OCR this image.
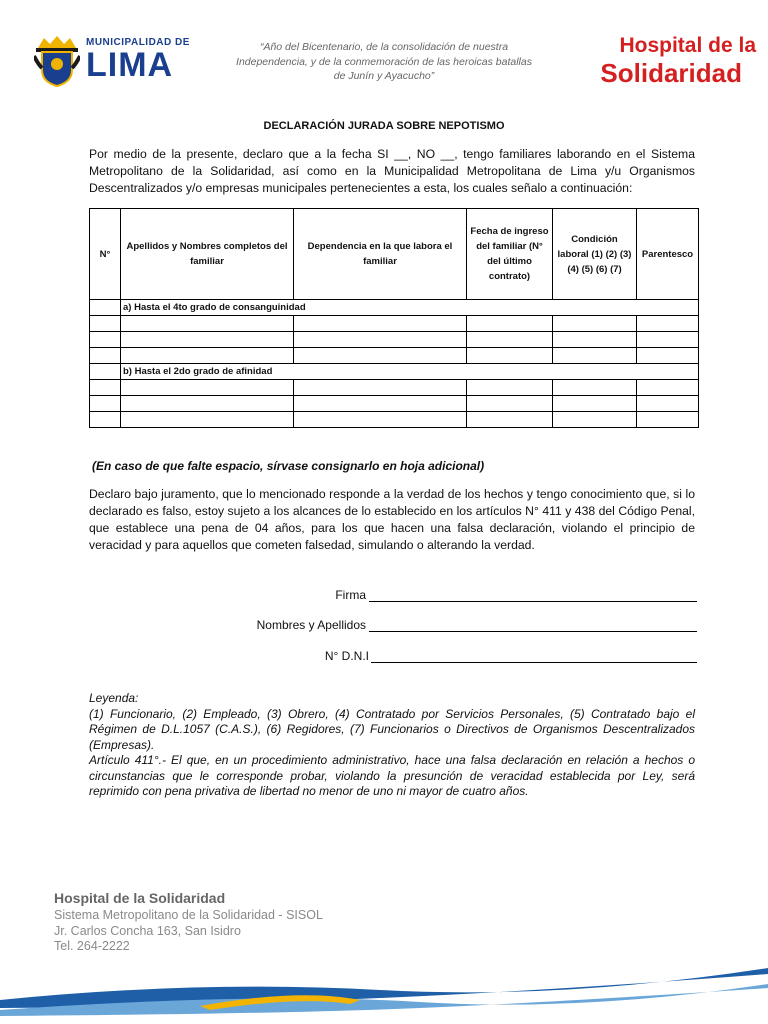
MUNICIPALIDAD DE
LIMA	“Año del Bicentenario, de la consolidación de nuestra
Independencia, y de la conmemoración de las heroicas batallas
de Junín y Ayacucho”
Hospital de la
Solidaridad
DECLARACIÓN JURADA SOBRE NEPOTISMO
Por medio de la presente, declaro que a la fecha SI __, NO __, tengo familiares laborando en el Sistema Metropolitano de la Solidaridad, así como en la Municipalidad Metropolitana de Lima y/u Organismos Descentralizados y/o empresas municipales pertenecientes a esta, los cuales señalo a continuación:
N°	Apellidos y Nombres completos del familiar	Dependencia en la que labora el familiar	Fecha de ingreso del familiar (N° del último contrato)	Condición laboral (1) (2) (3) (4) (5) (6) (7)	Parentesco
	a) Hasta el 4to grado de consanguinidad				

	b) Hasta el 2do grado de afinidad				

(En caso de que falte espacio, sírvase consignarlo en hoja adicional)
Declaro bajo juramento, que lo mencionado responde a la verdad de los hechos y tengo conocimiento que, si lo declarado es falso, estoy sujeto a los alcances de lo establecido en los artículos N° 411 y 438 del Código Penal, que establece una pena de 04 años, para los que hacen una falsa declaración, violando el principio de veracidad y para aquellos que cometen falsedad, simulando o alterando la verdad.
Firma
Nombres y Apellidos
N° D.N.I
Leyenda:
(1) Funcionario, (2) Empleado, (3) Obrero, (4) Contratado por Servicios Personales, (5) Contratado bajo el Régimen de D.L.1057 (C.A.S.), (6) Regidores, (7) Funcionarios o Directivos de Organismos Descentralizados (Empresas).
Artículo 411°.- El que, en un procedimiento administrativo, hace una falsa declaración en relación a hechos o circunstancias que le corresponde probar, violando la presunción de veracidad establecida por Ley, será reprimido con pena privativa de libertad no menor de uno ni mayor de cuatro años.
Hospital de la Solidaridad
Sistema Metropolitano de la Solidaridad - SISOL
Jr. Carlos Concha 163, San Isidro
Tel. 264-2222
